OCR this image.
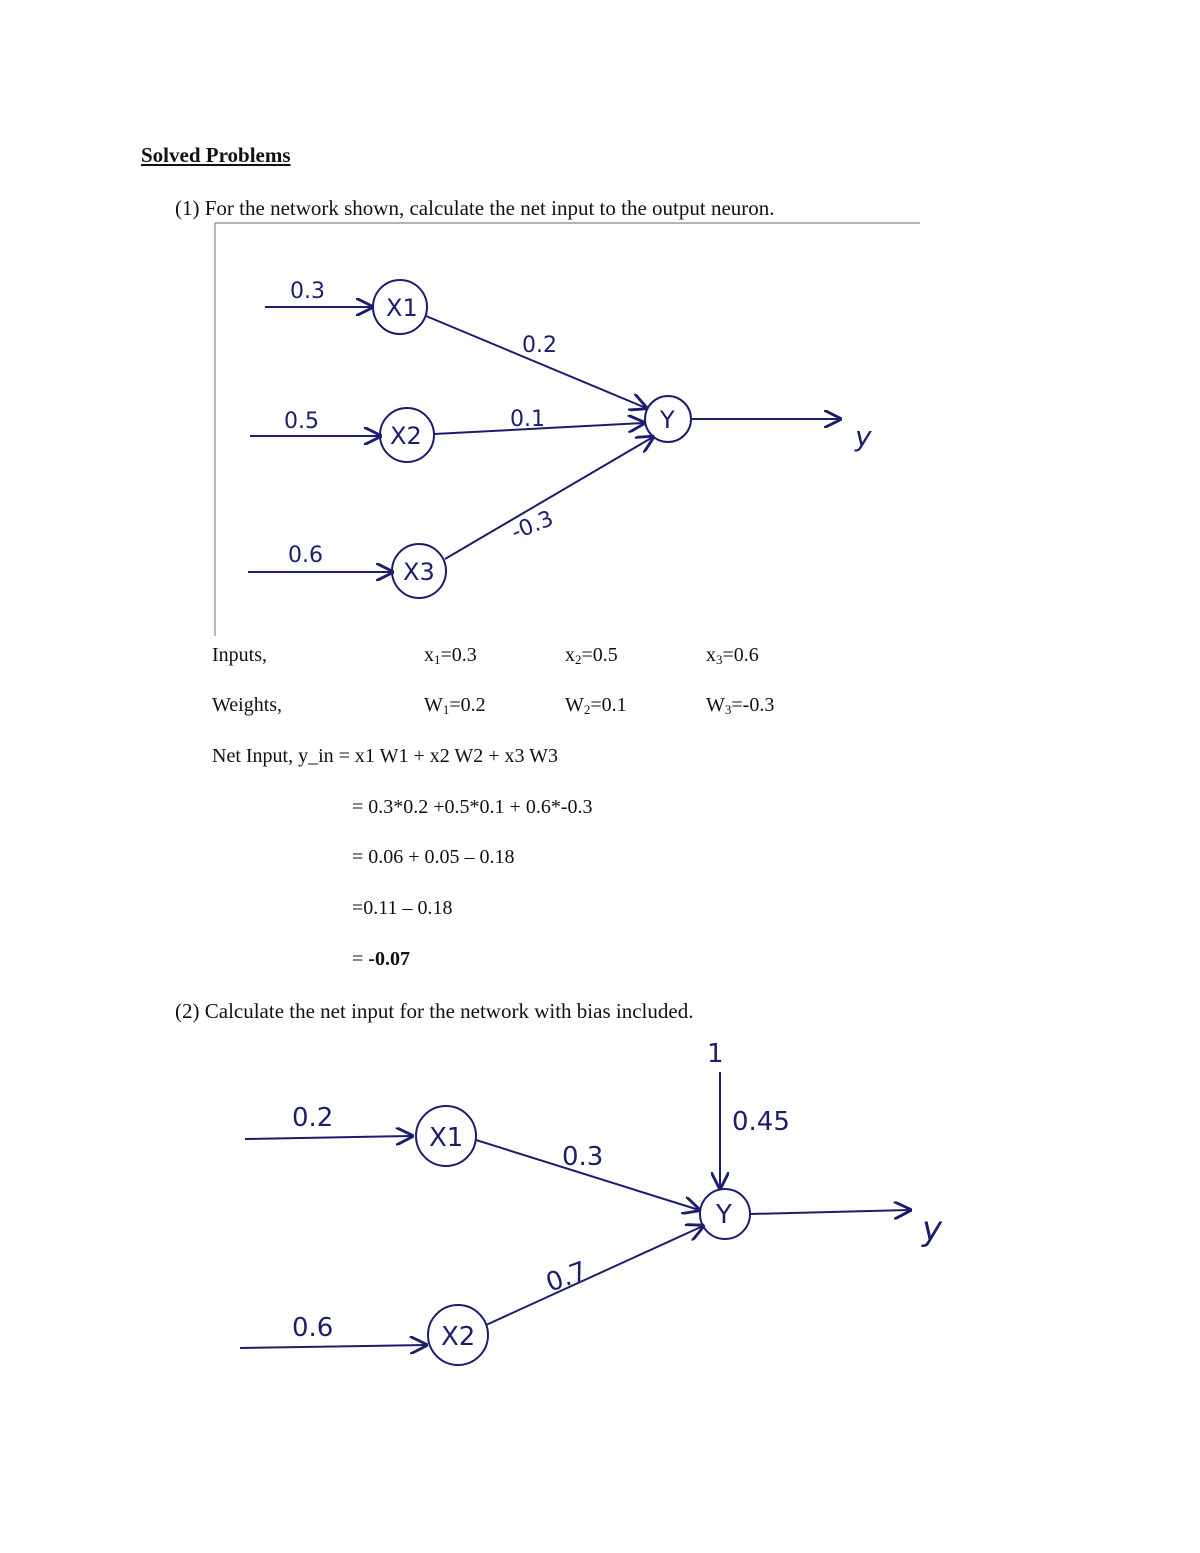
Solved Problems
(1) For the network shown, calculate the net input to the output neuron.
0.3
0.5
0.6
0.2
0.1
-0.3
X1
X2
X3
Y	y
0.2
0.6
0.3
0.7
1
0.45
X1
X2
Y	y
Inputs,	$x_1=0.3$	$x_2=0.5$	$x_3=0.6$
Weights,	$W_1=0.2$	$W_2=0.1$	$W_3=-0.3$
Net Input, y_in = x1 W1 + x2 W2 + x3 W3
= 0.3*0.2 +0.5*0.1 + 0.6*-0.3
= 0.06 + 0.05 – 0.18
=0.11 – 0.18
= -0.07
(2) Calculate the net input for the network with bias included.
